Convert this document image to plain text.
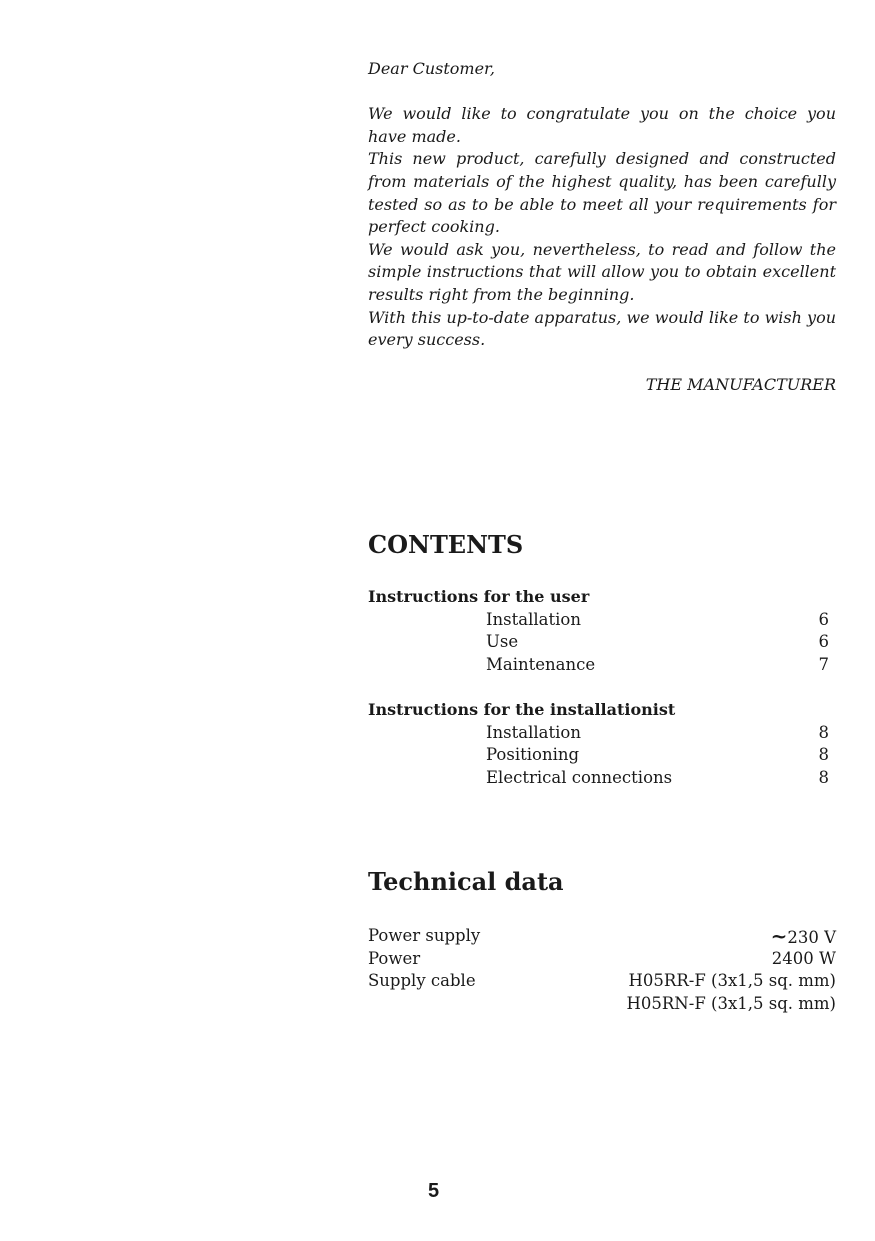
Dear Customer,

We would like to congratulate you on the choice you have made.

This new product, carefully designed and constructed from materials of the highest quality, has been carefully tested so as to be able to meet all your requirements for perfect cooking.

We would ask you, nevertheless, to read and follow the simple instructions that will allow you to obtain excellent results right from the beginning.

With this up-to-date apparatus, we would like to wish you every success.

THE MANUFACTURER

CONTENTS
Instructions for the user
Installation	6
Use	6
Maintenance	7
Instructions for the installationist
Installation	8
Positioning	8
Electrical connections	8
Technical data
Power supply	~230 V
Power	2400 W
Supply cable	H05RR-F (3x1,5 sq. mm)
H05RN-F (3x1,5 sq. mm)
5
